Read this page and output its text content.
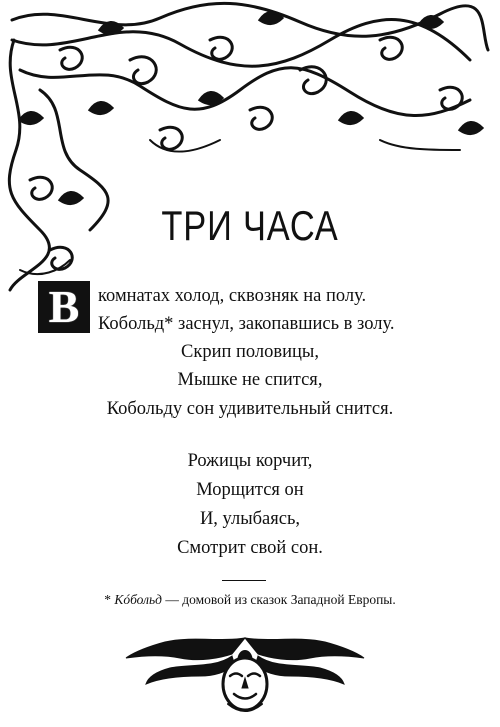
ТРИ ЧАСА
В комнатах холод, сквозняк на полу.
Кобольд* заснул, закопавшись в золу.
Скрип половицы,
Мышке не спится,
Кобольду сон удивительный снится.
Рожицы корчит,
Морщится он
И, улыбаясь,
Смотрит свой сон.
* Кóбольд — домовой из сказок Западной Европы.
